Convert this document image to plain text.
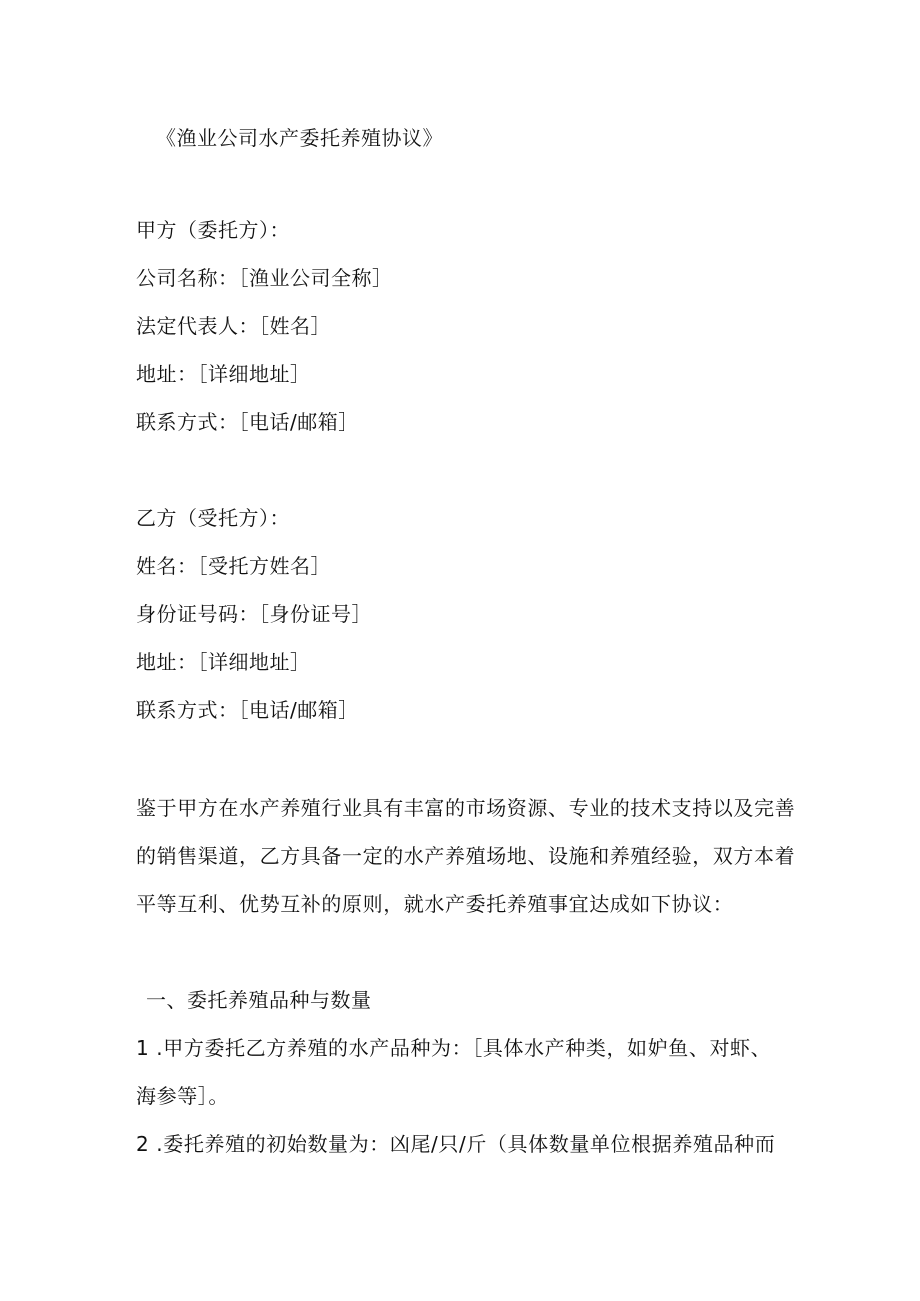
《渔业公司水产委托养殖协议》
甲方（委托方）：
公司名称：［渔业公司全称］
法定代表人：［姓名］
地址：［详细地址］
联系方式：［电话/邮箱］
乙方（受托方）：
姓名：［受托方姓名］
身份证号码：［身份证号］
地址：［详细地址］
联系方式：［电话/邮箱］
鉴于甲方在水产养殖行业具有丰富的市场资源、专业的技术支持以及完善
的销售渠道，乙方具备一定的水产养殖场地、设施和养殖经验，双方本着
平等互利、优势互补的原则，就水产委托养殖事宜达成如下协议：
一、委托养殖品种与数量
1 .甲方委托乙方养殖的水产品种为：［具体水产种类，如妒鱼、对虾、
海参等］。
2 .委托养殖的初始数量为：凶尾/只/斤（具体数量单位根据养殖品种而
